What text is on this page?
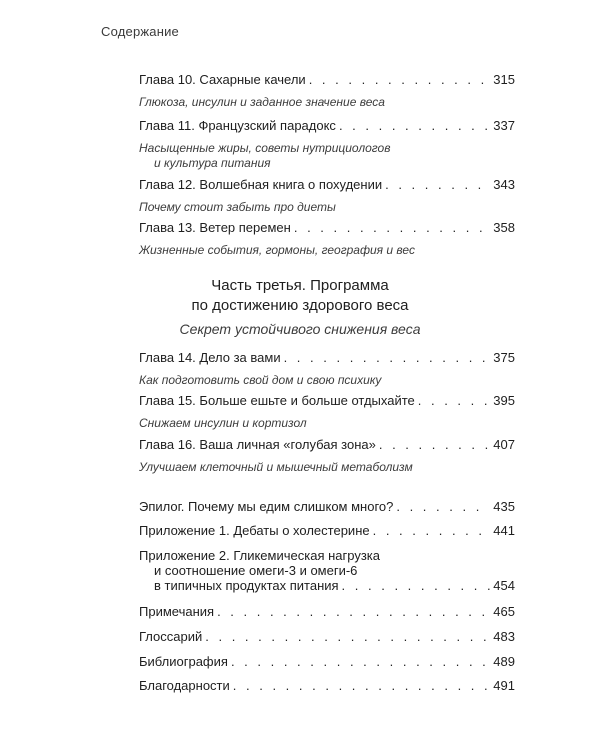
Содержание
Глава 10. Сахарные качели . . .	315
Глюкоза, инсулин и заданное значение веса
Глава 11. Французский парадокс . . .	337
Насыщенные жиры, советы нутрициологов
и культура питания
Глава 12. Волшебная книга о похудении . . .	343
Почему стоит забыть про диеты
Глава 13. Ветер перемен . . .	358
Жизненные события, гормоны, география и вес
Глава 14. Дело за вами . . .	375
Как подготовить свой дом и свою психику
Глава 15. Больше ешьте и больше отдыхайте . . .	395
Снижаем инсулин и кортизол
Глава 16. Ваша личная «голубая зона» . . .	407
Улучшаем клеточный и мышечный метаболизм
Эпилог. Почему мы едим слишком много? . . .	435
Приложение 1. Дебаты о холестерине . . .	441
Приложение 2. Гликемическая нагрузка
и соотношение омеги-3 и омеги-6
в типичных продуктах питания . . .	454
Примечания . . .	465
Глоссарий . . .	483
Библиография . . .	489
Благодарности . . .	491
Часть третья. Программа
по достижению здорового веса
Секрет устойчивого снижения веса
